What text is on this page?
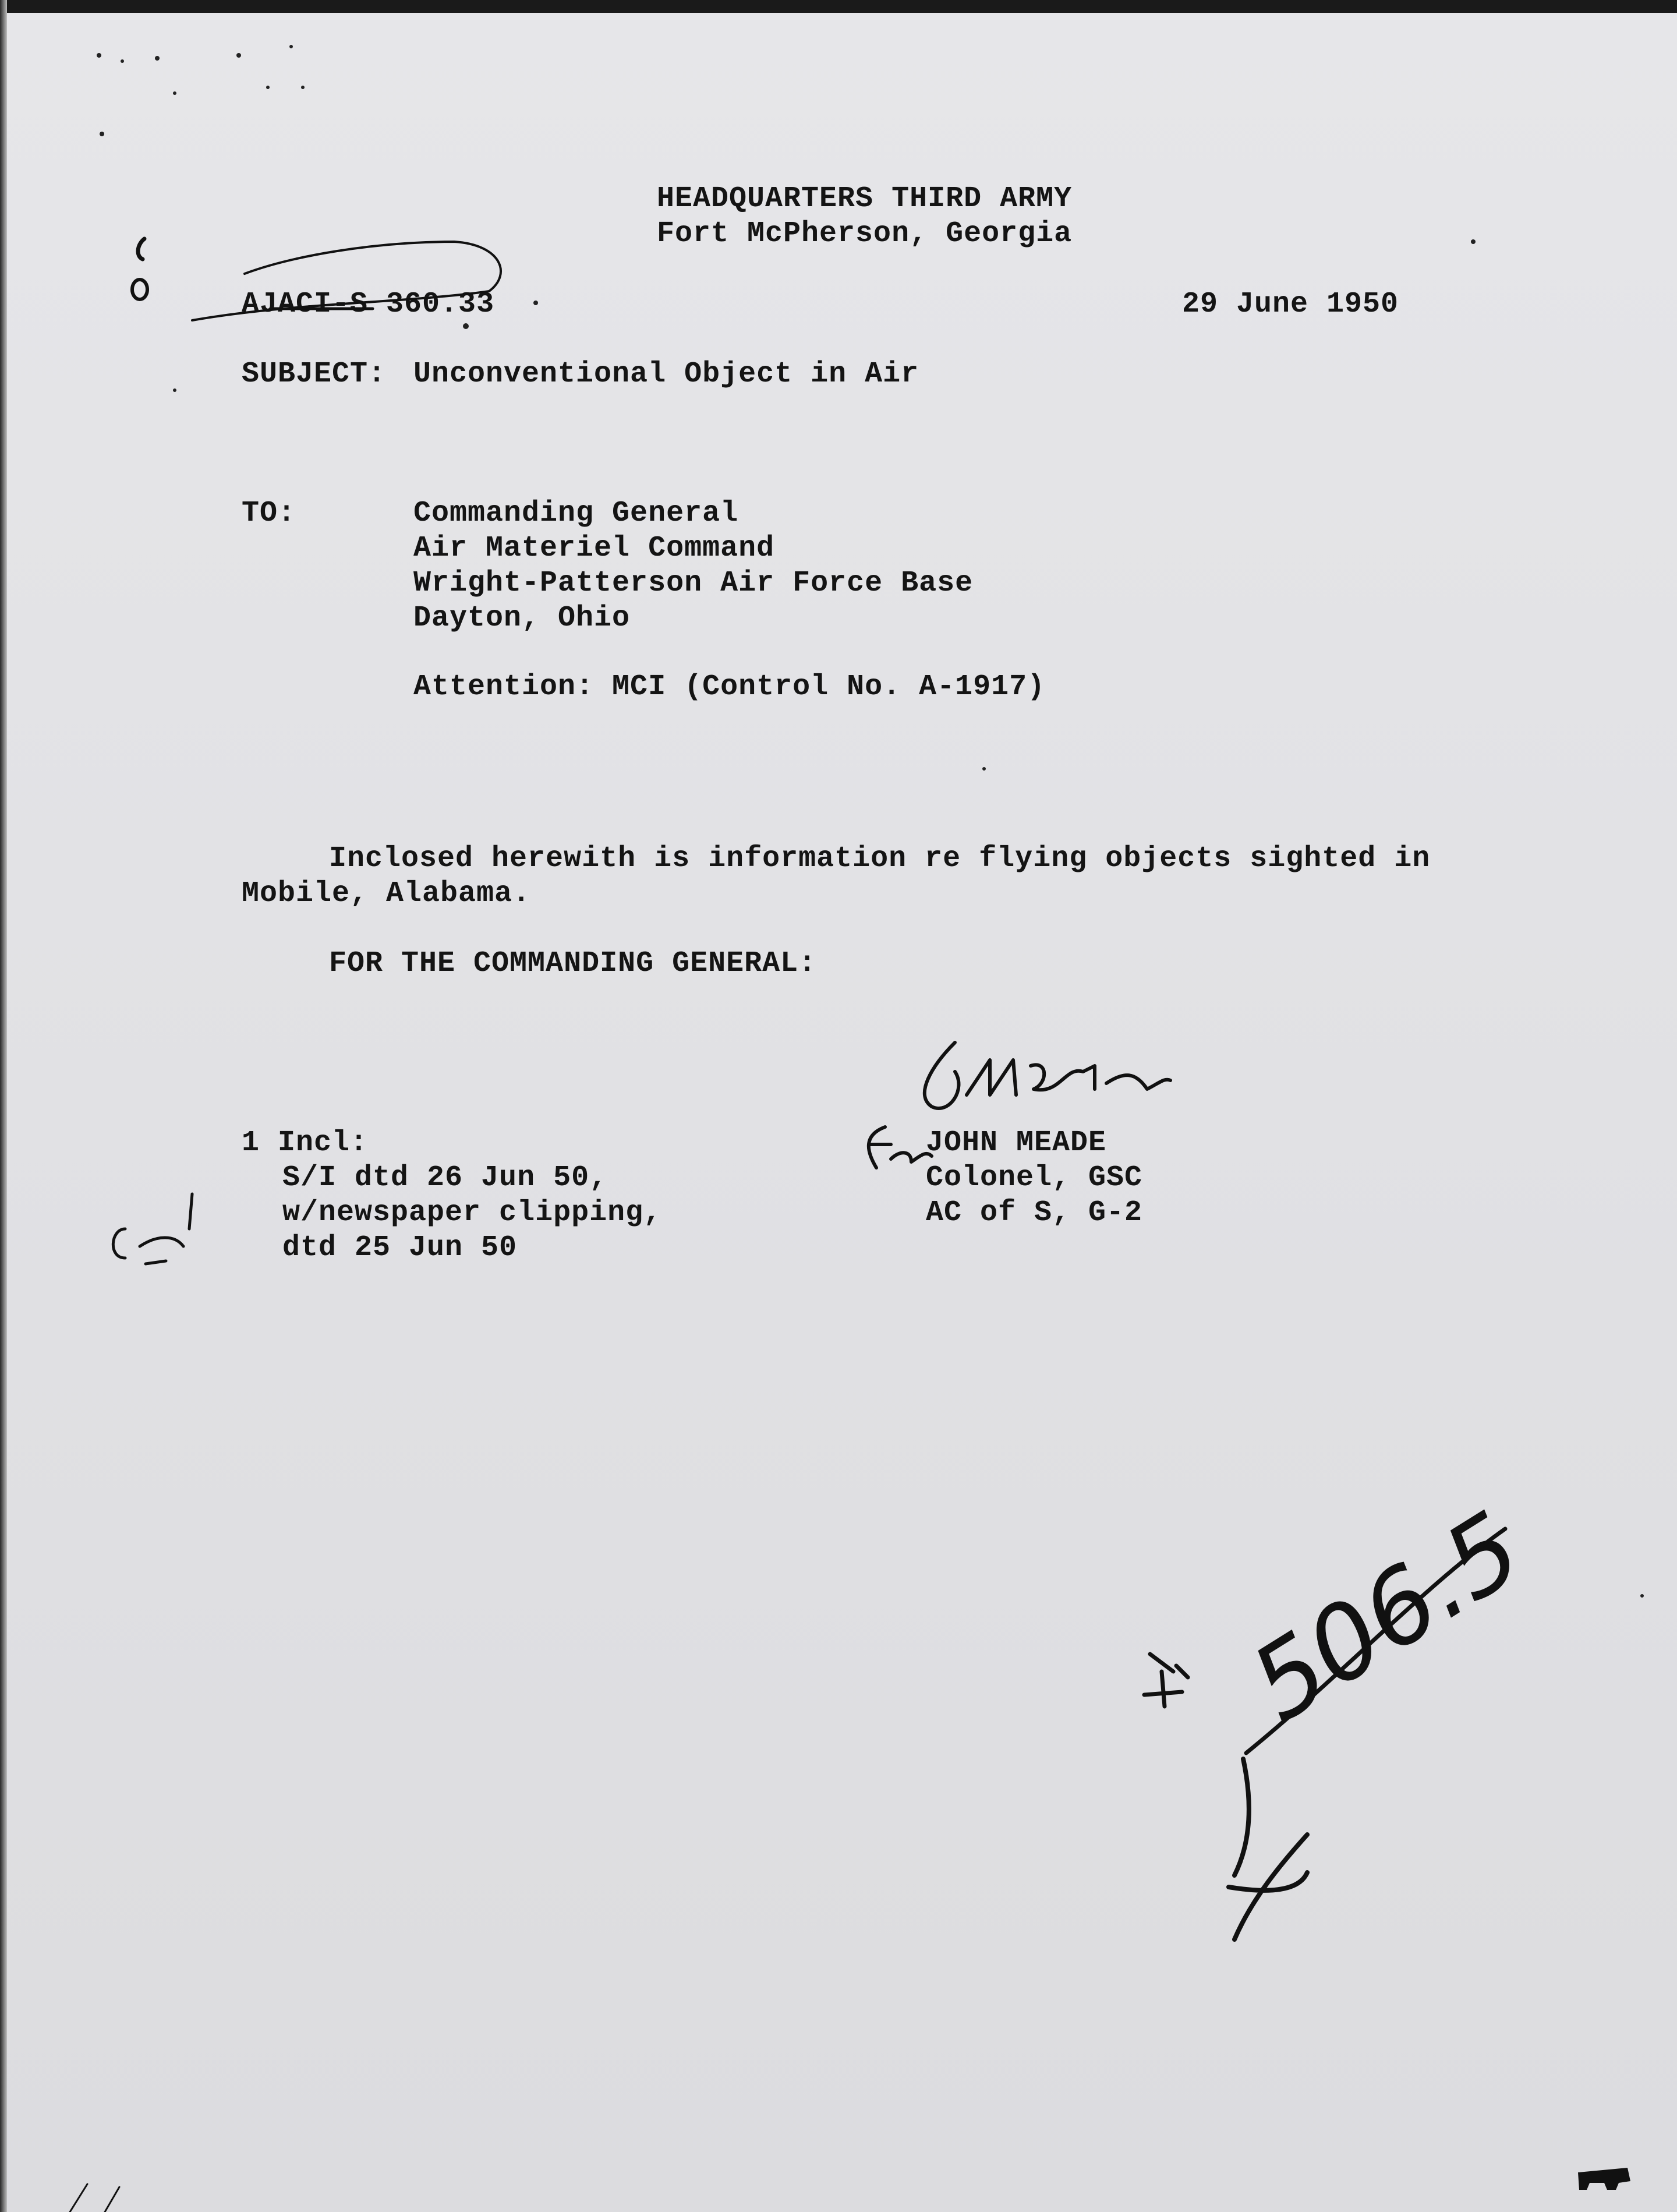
HEADQUARTERS THIRD ARMY
Fort McPherson, Georgia
AJACI-S 360.33	29 June 1950
SUBJECT: Unconventional Object in Air
TO:	Commanding General
Air Materiel Command
Wright-Patterson Air Force Base
Dayton, Ohio
Attention: MCI (Control No. A-1917)
Inclosed herewith is information re flying objects sighted in
Mobile, Alabama.
FOR THE COMMANDING GENERAL:
1 Incl:
S/I dtd 26 Jun 50,
w/newspaper clipping,
dtd 25 Jun 50
JOHN MEADE
Colonel, GSC
AC of S, G-2
506.5
